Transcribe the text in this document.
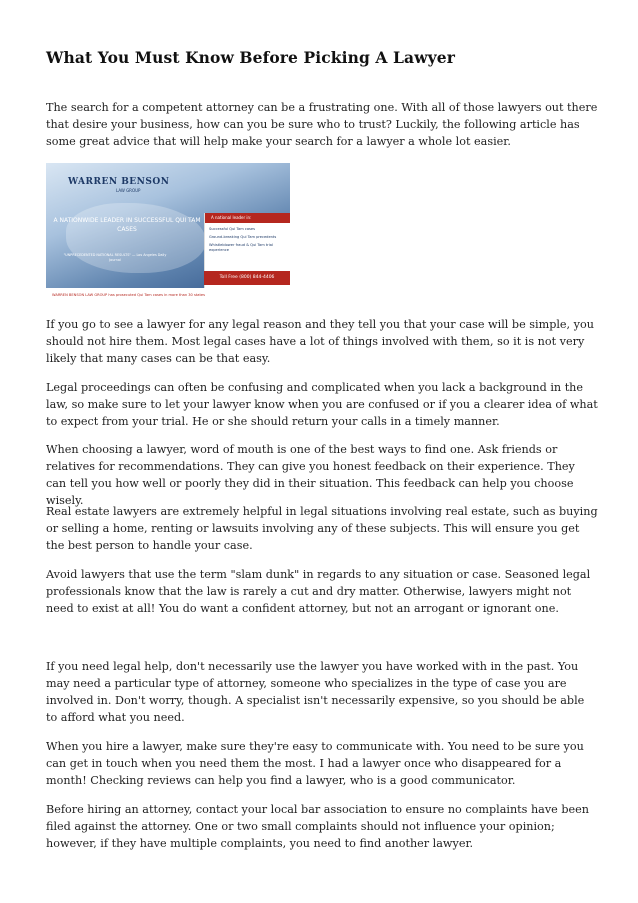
What You Must Know Before Picking A Lawyer

The search for a competent attorney can be a frustrating one. With all of those lawyers out there that desire your business, how can you be sure who to trust? Luckily, the following article has some great advice that will help make your search for a lawyer a whole lot easier.

WARREN BENSON
LAW GROUP
A NATIONWIDE LEADER IN SUCCESSFUL QUI TAM CASES
"UNPRECEDENTED NATIONAL RESULTS" — Los Angeles Daily Journal
A national leader in:
Successful Qui Tam cases
Ground-breaking Qui Tam precedents
Whistleblower fraud & Qui Tam trial experience
Toll Free (800) 844-4406
WARREN BENSON LAW GROUP has prosecuted Qui Tam cases in more than 30 states

If you go to see a lawyer for any legal reason and they tell you that your case will be simple, you should not hire them. Most legal cases have a lot of things involved with them, so it is not very likely that many cases can be that easy.

Legal proceedings can often be confusing and complicated when you lack a background in the law, so make sure to let your lawyer know when you are confused or if you a clearer idea of what to expect from your trial. He or she should return your calls in a timely manner.

When choosing a lawyer, word of mouth is one of the best ways to find one. Ask friends or relatives for recommendations. They can give you honest feedback on their experience. They can tell you how well or poorly they did in their situation. This feedback can help you choose wisely.

Real estate lawyers are extremely helpful in legal situations involving real estate, such as buying or selling a home, renting or lawsuits involving any of these subjects. This will ensure you get the best person to handle your case.

Avoid lawyers that use the term "slam dunk" in regards to any situation or case. Seasoned legal professionals know that the law is rarely a cut and dry matter. Otherwise, lawyers might not need to exist at all! You do want a confident attorney, but not an arrogant or ignorant one.

If you need legal help, don't necessarily use the lawyer you have worked with in the past. You may need a particular type of attorney, someone who specializes in the type of case you are involved in. Don't worry, though. A specialist isn't necessarily expensive, so you should be able to afford what you need.

When you hire a lawyer, make sure they're easy to communicate with. You need to be sure you can get in touch when you need them the most. I had a lawyer once who disappeared for a month! Checking reviews can help you find a lawyer, who is a good communicator.

Before hiring an attorney, contact your local bar association to ensure no complaints have been filed against the attorney. One or two small complaints should not influence your opinion; however, if they have multiple complaints, you need to find another lawyer.
